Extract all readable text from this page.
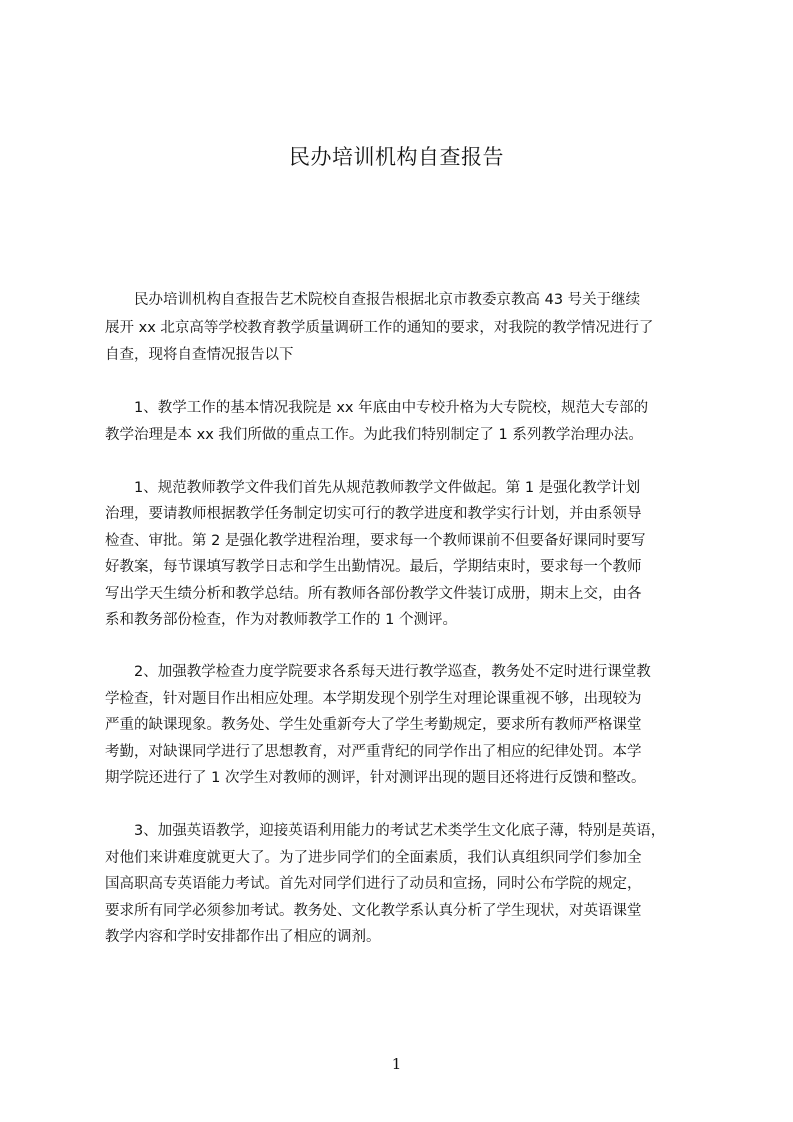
民办培训机构自查报告
　　民办培训机构自查报告艺术院校自查报告根据北京市教委京教高 43 号关于继续
展开 xx 北京高等学校教育教学质量调研工作的通知的要求，对我院的教学情况进行了
自查，现将自查情况报告以下
　　1、教学工作的基本情况我院是 xx 年底由中专校升格为大专院校，规范大专部的
教学治理是本 xx 我们所做的重点工作。为此我们特别制定了 1 系列教学治理办法。
　　1、规范教师教学文件我们首先从规范教师教学文件做起。第 1 是强化教学计划
治理，要请教师根据教学任务制定切实可行的教学进度和教学实行计划，并由系领导
检查、审批。第 2 是强化教学进程治理，要求每一个教师课前不但要备好课同时要写
好教案，每节课填写教学日志和学生出勤情况。最后，学期结束时，要求每一个教师
写出学天生绩分析和教学总结。所有教师各部份教学文件装订成册，期末上交，由各
系和教务部份检查，作为对教师教学工作的 1 个测评。
　　2、加强教学检查力度学院要求各系每天进行教学巡查，教务处不定时进行课堂教
学检查，针对题目作出相应处理。本学期发现个别学生对理论课重视不够，出现较为
严重的缺课现象。教务处、学生处重新夸大了学生考勤规定，要求所有教师严格课堂
考勤，对缺课同学进行了思想教育，对严重背纪的同学作出了相应的纪律处罚。本学
期学院还进行了 1 次学生对教师的测评，针对测评出现的题目还将进行反馈和整改。
　　3、加强英语教学，迎接英语利用能力的考试艺术类学生文化底子薄，特别是英语，
对他们来讲难度就更大了。为了进步同学们的全面素质，我们认真组织同学们参加全
国高职高专英语能力考试。首先对同学们进行了动员和宣扬，同时公布学院的规定，
要求所有同学必须参加考试。教务处、文化教学系认真分析了学生现状，对英语课堂
教学内容和学时安排都作出了相应的调剂。
1
